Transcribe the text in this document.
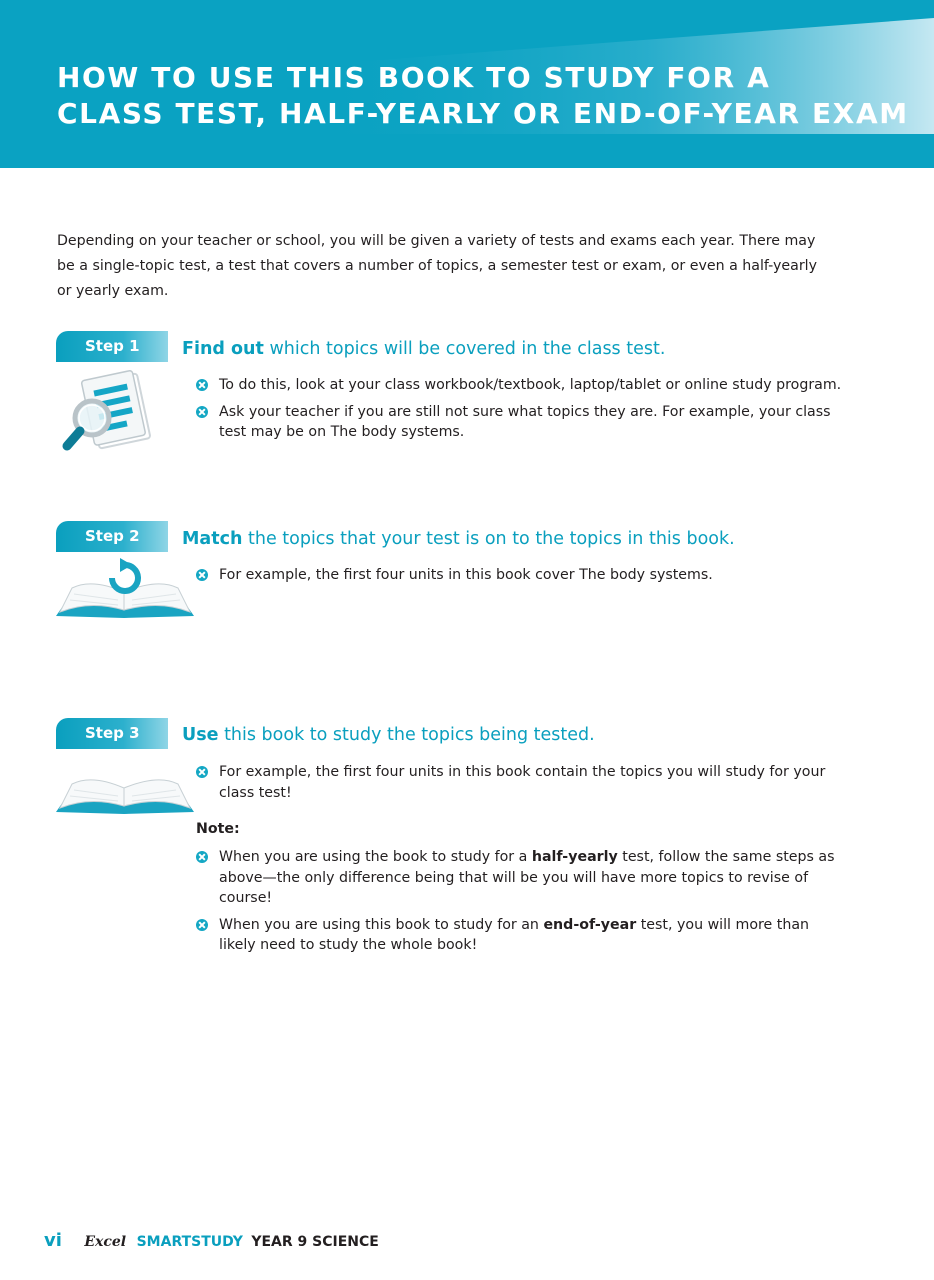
HOW TO USE THIS BOOK TO STUDY FOR A
CLASS TEST, HALF-YEARLY OR END-OF-YEAR EXAM

Depending on your teacher or school, you will be given a variety of tests and exams each year. There may be a single-topic test, a test that covers a number of topics, a semester test or exam, or even a half-yearly or yearly exam.

Step 1	Find out which topics will be covered in the class test.
To do this, look at your class workbook/textbook, laptop/tablet or online study program.
Ask your teacher if you are still not sure what topics they are. For example, your class test may be on The body systems.
Step 2	Match the topics that your test is on to the topics in this book.
For example, the first four units in this book cover The body systems.
Step 3	Use this book to study the topics being tested.
For example, the first four units in this book contain the topics you will study for your class test!

Note:

When you are using the book to study for a half-yearly test, follow the same steps as above—the only difference being that will be you will have more topics to revise of course!
When you are using this book to study for an end-of-year test, you will more than likely need to study the whole book!
vi Excel SMARTSTUDY YEAR 9 SCIENCE
